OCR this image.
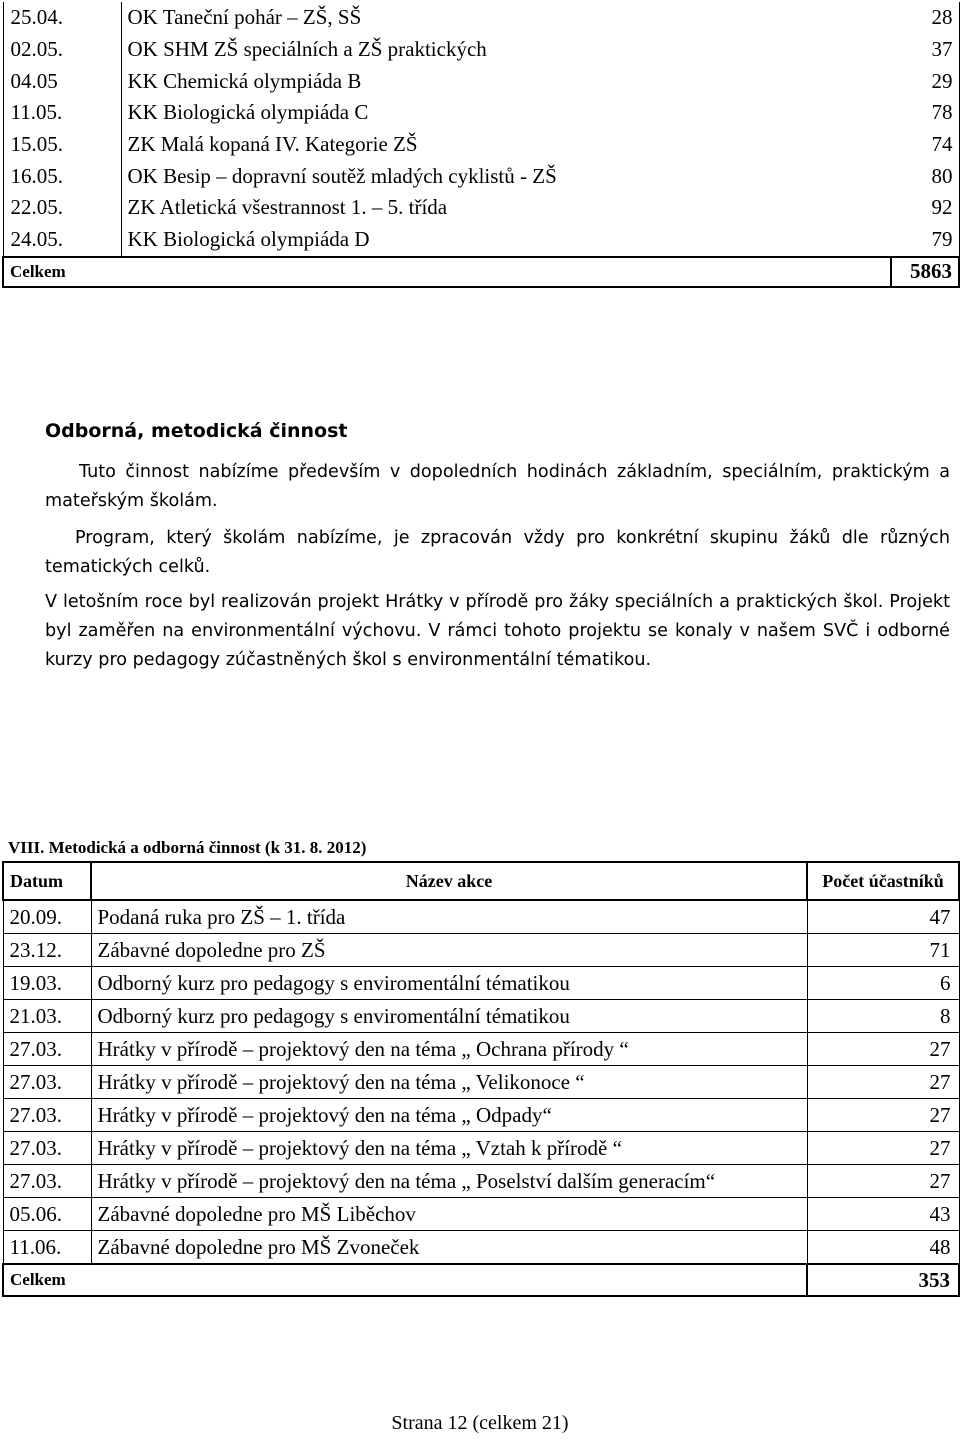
25.04.	OK Taneční pohár – ZŠ, SŠ	28
02.05.	OK SHM ZŠ speciálních a ZŠ praktických	37
04.05	KK Chemická olympiáda B	29
11.05.	KK Biologická olympiáda C	78
15.05.	ZK Malá kopaná IV. Kategorie ZŠ	74
16.05.	OK Besip – dopravní soutěž mladých cyklistů - ZŠ	80
22.05.	ZK Atletická všestrannost 1. – 5. třída	92
24.05.	KK Biologická olympiáda D	79
Celkem		5863
Odborná, metodická činnost

Tuto činnost nabízíme především v dopoledních hodinách základním, speciálním, praktickým a mateřským školám.

Program, který školám nabízíme, je zpracován vždy pro konkrétní skupinu žáků dle různých tematických celků.

V letošním roce byl realizován projekt Hrátky v přírodě pro žáky speciálních a praktických škol. Projekt byl zaměřen na environmentální výchovu. V rámci tohoto projektu se konaly v našem SVČ i odborné kurzy pro pedagogy zúčastněných škol s environmentální tématikou.

VIII. Metodická a odborná činnost (k 31. 8. 2012)
Datum	Název akce	Počet účastníků
20.09.	Podaná ruka pro ZŠ – 1. třída	47
23.12.	Zábavné dopoledne pro ZŠ	71
19.03.	Odborný kurz pro pedagogy s enviromentální tématikou	6
21.03.	Odborný kurz pro pedagogy s enviromentální tématikou	8
27.03.	Hrátky v přírodě – projektový den na téma „ Ochrana přírody “	27
27.03.	Hrátky v přírodě – projektový den na téma „ Velikonoce “	27
27.03.	Hrátky v přírodě – projektový den na téma „ Odpady“	27
27.03.	Hrátky v přírodě – projektový den na téma „ Vztah k přírodě “	27
27.03.	Hrátky v přírodě – projektový den na téma „ Poselství dalším generacím“	27
05.06.	Zábavné dopoledne pro MŠ Liběchov	43
11.06.	Zábavné dopoledne pro MŠ Zvoneček	48
Celkem		353

Strana 12 (celkem 21)
